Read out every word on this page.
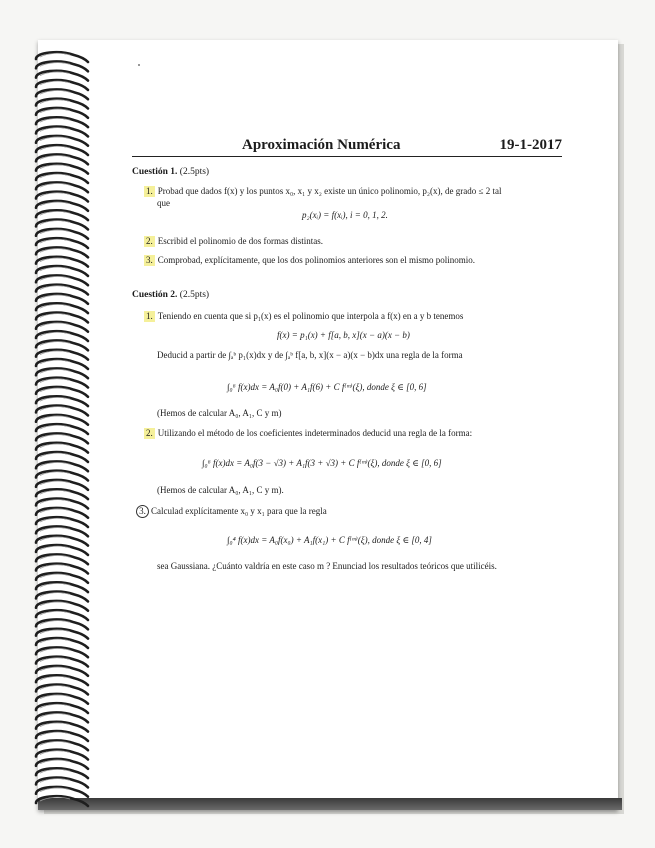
Aproximación Numérica	19-1-2017
Cuestión 1. (2.5pts)
1. Probad que dados f(x) y los puntos x₀, x₁ y x₂ existe un único polinomio, p₂(x), de grado ≤ 2 tal
que
p₂(xᵢ) = f(xᵢ), i = 0, 1, 2.
2. Escribid el polinomio de dos formas distintas.
3. Comprobad, explícitamente, que los dos polinomios anteriores son el mismo polinomio.
Cuestión 2. (2.5pts)
1. Teniendo en cuenta que si p₁(x) es el polinomio que interpola a f(x) en a y b tenemos
f(x) = p₁(x) + f[a, b, x](x − a)(x − b)
Deducid a partir de ∫ₐᵇ p₁(x)dx y de ∫ₐᵇ f[a, b, x](x − a)(x − b)dx una regla de la forma
∫₀⁶ f(x)dx = A₀f(0) + A₁f(6) + C f⁽ᵐ⁾(ξ), donde ξ ∈ [0, 6]
(Hemos de calcular A₀, A₁, C y m)
2. Utilizando el método de los coeficientes indeterminados deducid una regla de la forma:
∫₀⁶ f(x)dx = A₀f(3 − √3) + A₁f(3 + √3) + C f⁽ᵐ⁾(ξ), donde ξ ∈ [0, 6]
(Hemos de calcular A₀, A₁, C y m).
3. Calculad explícitamente x₀ y x₁ para que la regla
∫₀⁴ f(x)dx = A₀f(x₀) + A₁f(x₁) + C f⁽ᵐ⁾(ξ), donde ξ ∈ [0, 4]
sea Gaussiana. ¿Cuánto valdría en este caso m ? Enunciad los resultados teóricos que utilicéis.
